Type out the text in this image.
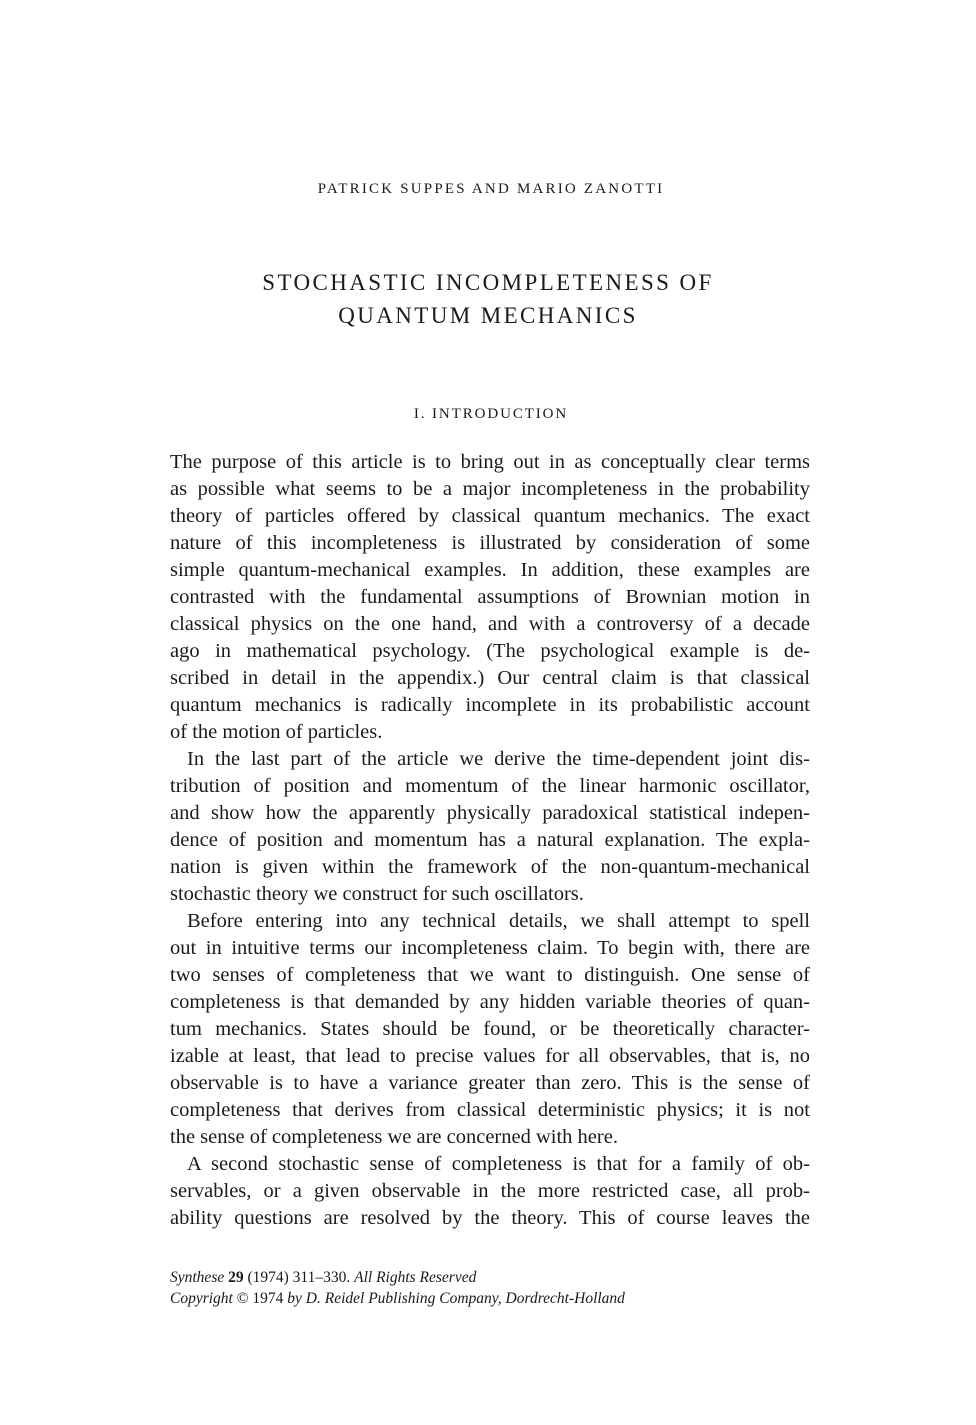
PATRICK SUPPES AND MARIO ZANOTTI
STOCHASTIC INCOMPLETENESS OF
QUANTUM MECHANICS
I. INTRODUCTION
The purpose of this article is to bring out in as conceptually clear terms
as possible what seems to be a major incompleteness in the probability
theory of particles offered by classical quantum mechanics. The exact
nature of this incompleteness is illustrated by consideration of some
simple quantum-mechanical examples. In addition, these examples are
contrasted with the fundamental assumptions of Brownian motion in
classical physics on the one hand, and with a controversy of a decade
ago in mathematical psychology. (The psychological example is de-
scribed in detail in the appendix.) Our central claim is that classical
quantum mechanics is radically incomplete in its probabilistic account
of the motion of particles.
In the last part of the article we derive the time-dependent joint dis-
tribution of position and momentum of the linear harmonic oscillator,
and show how the apparently physically paradoxical statistical indepen-
dence of position and momentum has a natural explanation. The expla-
nation is given within the framework of the non-quantum-mechanical
stochastic theory we construct for such oscillators.
Before entering into any technical details, we shall attempt to spell
out in intuitive terms our incompleteness claim. To begin with, there are
two senses of completeness that we want to distinguish. One sense of
completeness is that demanded by any hidden variable theories of quan-
tum mechanics. States should be found, or be theoretically character-
izable at least, that lead to precise values for all observables, that is, no
observable is to have a variance greater than zero. This is the sense of
completeness that derives from classical deterministic physics; it is not
the sense of completeness we are concerned with here.
A second stochastic sense of completeness is that for a family of ob-
servables, or a given observable in the more restricted case, all prob-
ability questions are resolved by the theory. This of course leaves the
Synthese 29 (1974) 311–330. All Rights Reserved
Copyright © 1974 by D. Reidel Publishing Company, Dordrecht-Holland
